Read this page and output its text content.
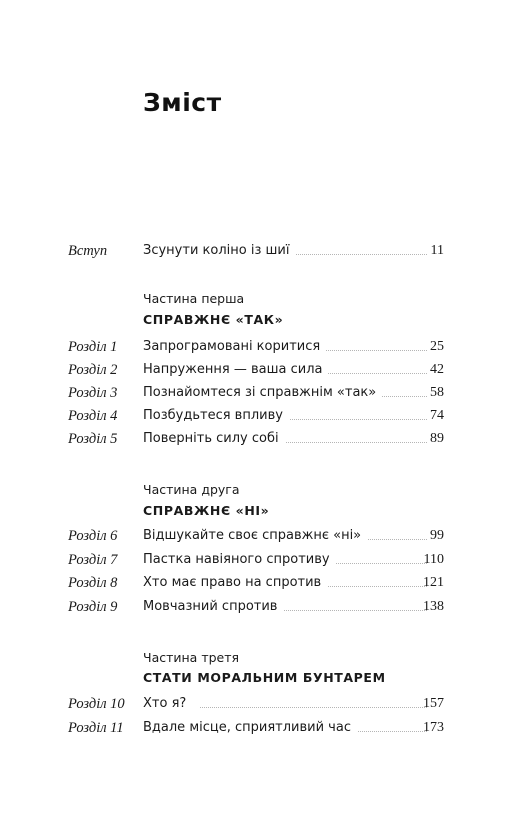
Зміст
Вступ	Зсунути коліно із шиї	11
Частина перша
СПРАВЖНЄ «ТАК»
Розділ 1 Запрограмовані коритися	25
Розділ 2 Напруження — ваша сила	42
Розділ 3 Познайомтеся зі справжнім «так»	58
Розділ 4 Позбудьтеся впливу	74
Розділ 5 Поверніть силу собі	89
Частина друга
СПРАВЖНЄ «НІ»
Розділ 6 Відшукайте своє справжнє «ні»	99
Розділ 7 Пастка навіяного спротиву	110
Розділ 8 Хто має право на спротив	121
Розділ 9 Мовчазний спротив	138
Частина третя
СТАТИ МОРАЛЬНИМ БУНТАРЕМ
Розділ 10 Хто я?	157
Розділ 11 Вдале місце, сприятливий час	173
